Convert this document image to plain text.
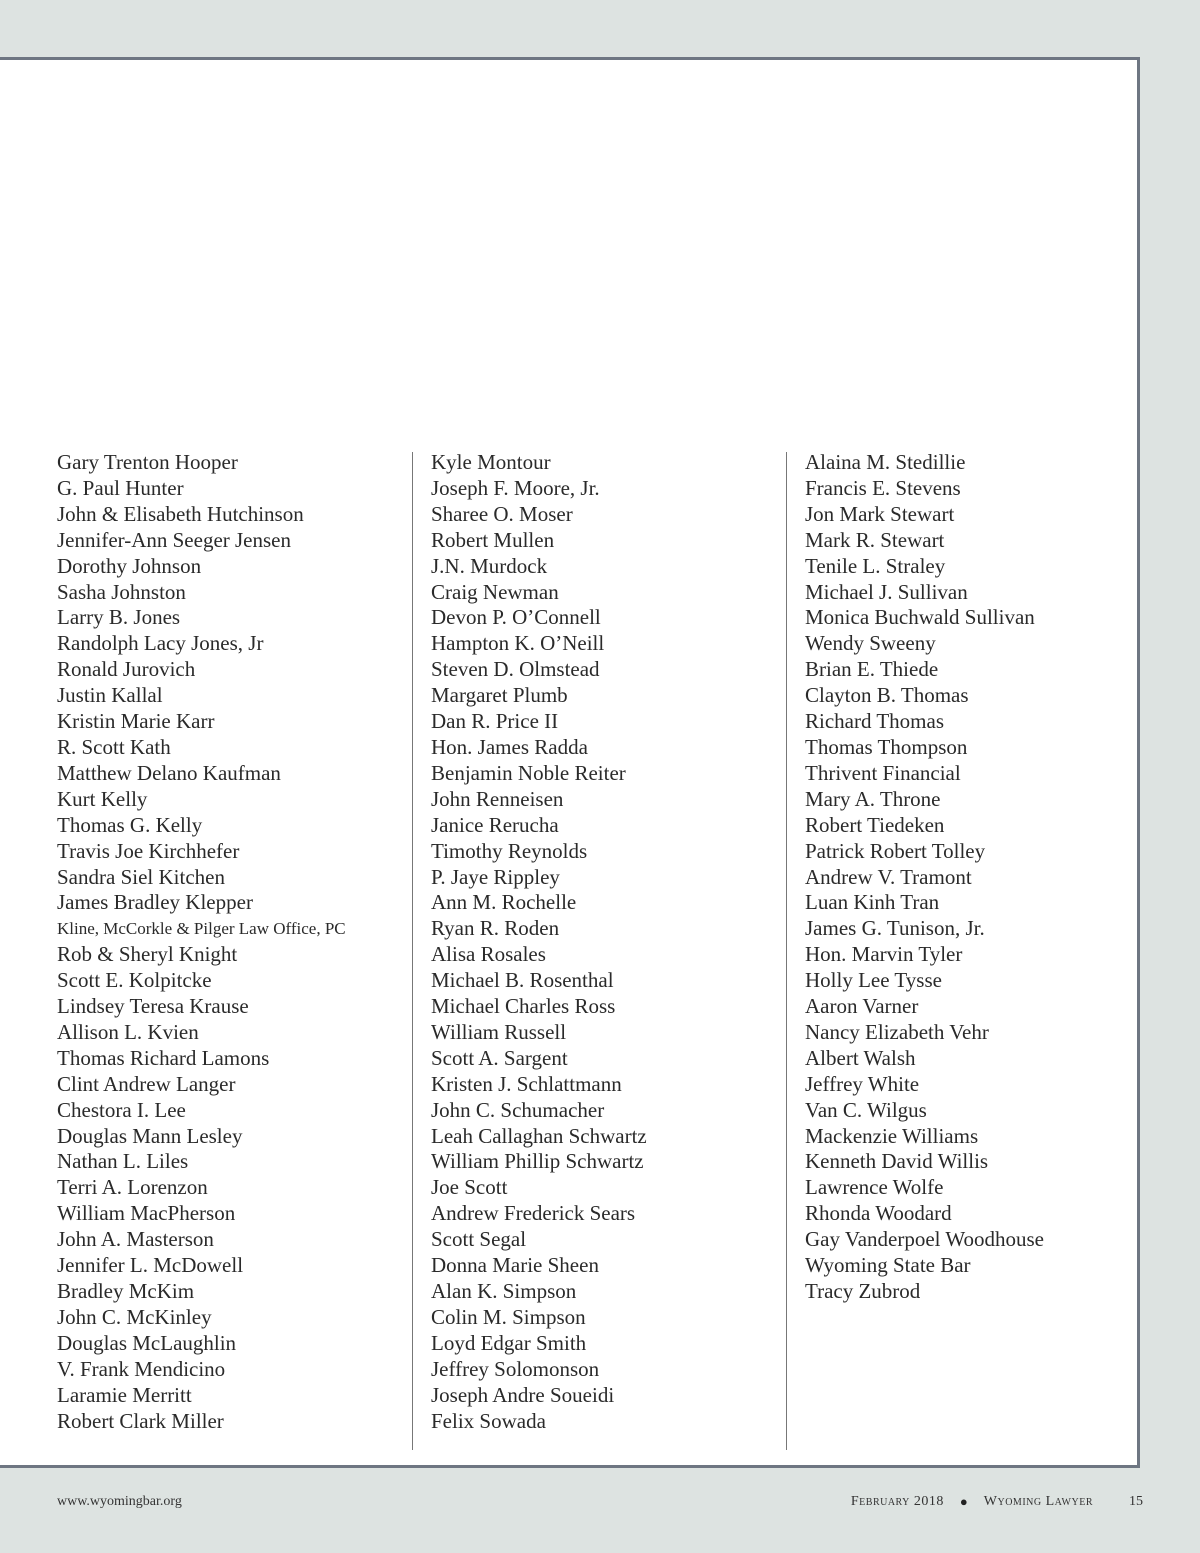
Gary Trenton Hooper
G. Paul Hunter
John & Elisabeth Hutchinson
Jennifer-Ann Seeger Jensen
Dorothy Johnson
Sasha Johnston
Larry B. Jones
Randolph Lacy Jones, Jr
Ronald Jurovich
Justin Kallal
Kristin Marie Karr
R. Scott Kath
Matthew Delano Kaufman
Kurt Kelly
Thomas G. Kelly
Travis Joe Kirchhefer
Sandra Siel Kitchen
James Bradley Klepper
Kline, McCorkle & Pilger Law Office, PC
Rob & Sheryl Knight
Scott E. Kolpitcke
Lindsey Teresa Krause
Allison L. Kvien
Thomas Richard Lamons
Clint Andrew Langer
Chestora I. Lee
Douglas Mann Lesley
Nathan L. Liles
Terri A. Lorenzon
William MacPherson
John A. Masterson
Jennifer L. McDowell
Bradley McKim
John C. McKinley
Douglas McLaughlin
V. Frank Mendicino
Laramie Merritt
Robert Clark Miller
Kyle Montour
Joseph F. Moore, Jr.
Sharee O. Moser
Robert Mullen
J.N. Murdock
Craig Newman
Devon P. O’Connell
Hampton K. O’Neill
Steven D. Olmstead
Margaret Plumb
Dan R. Price II
Hon. James Radda
Benjamin Noble Reiter
John Renneisen
Janice Rerucha
Timothy Reynolds
P. Jaye Rippley
Ann M. Rochelle
Ryan R. Roden
Alisa Rosales
Michael B. Rosenthal
Michael Charles Ross
William Russell
Scott A. Sargent
Kristen J. Schlattmann
John C. Schumacher
Leah Callaghan Schwartz
William Phillip Schwartz
Joe Scott
Andrew Frederick Sears
Scott Segal
Donna Marie Sheen
Alan K. Simpson
Colin M. Simpson
Loyd Edgar Smith
Jeffrey Solomonson
Joseph Andre Soueidi
Felix Sowada
Alaina M. Stedillie
Francis E. Stevens
Jon Mark Stewart
Mark R. Stewart
Tenile L. Straley
Michael J. Sullivan
Monica Buchwald Sullivan
Wendy Sweeny
Brian E. Thiede
Clayton B. Thomas
Richard Thomas
Thomas Thompson
Thrivent Financial
Mary A. Throne
Robert Tiedeken
Patrick Robert Tolley
Andrew V. Tramont
Luan Kinh Tran
James G. Tunison, Jr.
Hon. Marvin Tyler
Holly Lee Tysse
Aaron Varner
Nancy Elizabeth Vehr
Albert Walsh
Jeffrey White
Van C. Wilgus
Mackenzie Williams
Kenneth David Willis
Lawrence Wolfe
Rhonda Woodard
Gay Vanderpoel Woodhouse
Wyoming State Bar
Tracy Zubrod
www.wyomingbar.org	February 2018 ● Wyoming Lawyer	15
